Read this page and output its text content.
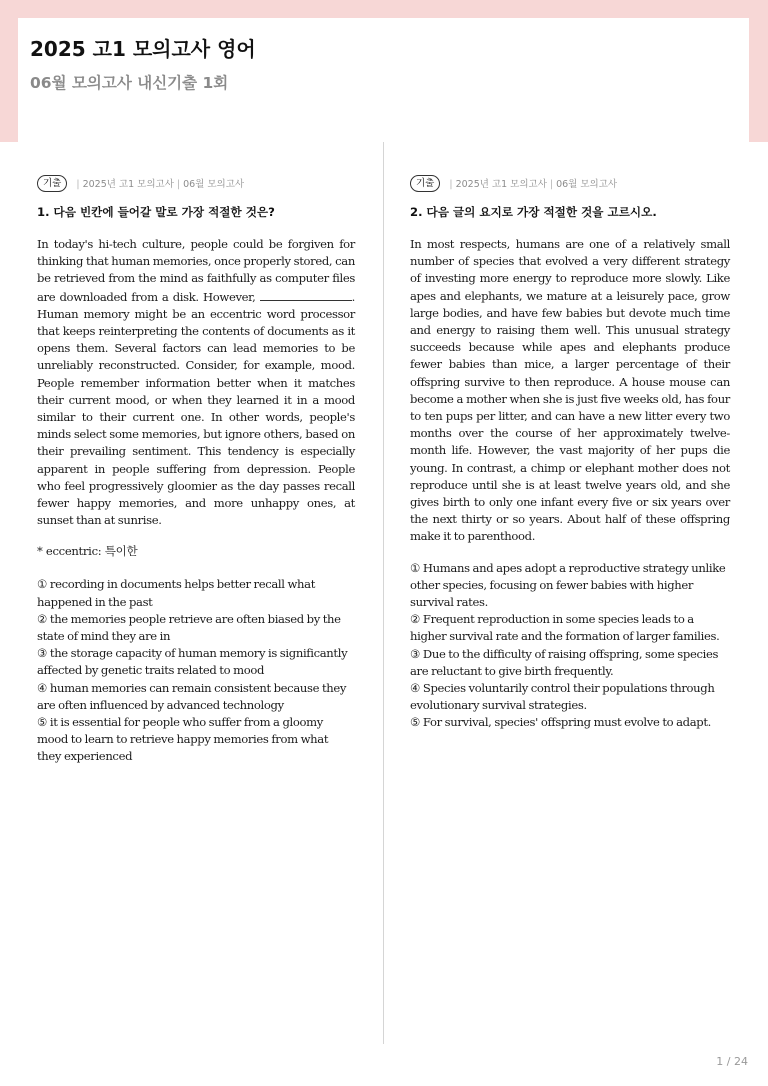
2025 고1 모의고사 영어
06월 모의고사 내신기출 1회
기출	| 2025년 고1 모의고사 | 06월 모의고사

1. 다음 빈칸에 들어갈 말로 가장 적절한 것은?

In today's hi-tech culture, people could be forgiven for thinking that human memories, once properly stored, can be retrieved from the mind as faithfully as computer files are downloaded from a disk. However,	. Human memory might be an eccentric word processor that keeps reinterpreting the contents of documents as it opens them. Several factors can lead memories to be unreliably reconstructed. Consider, for example, mood. People remember information better when it matches their current mood, or when they learned it in a mood similar to their current one. In other words, people's minds select some memories, but ignore others, based on their prevailing sentiment. This tendency is especially apparent in people suffering from depression. People who feel progressively gloomier as the day passes recall fewer happy memories, and more unhappy ones, at sunset than at sunrise.

* eccentric: 특이한

① recording in documents helps better recall what happened in the past
② the memories people retrieve are often biased by the state of mind they are in
③ the storage capacity of human memory is significantly affected by genetic traits related to mood
④ human memories can remain consistent because they are often influenced by advanced technology
⑤ it is essential for people who suffer from a gloomy mood to learn to retrieve happy memories from what they experienced
기출	| 2025년 고1 모의고사 | 06월 모의고사

2. 다음 글의 요지로 가장 적절한 것을 고르시오.

In most respects, humans are one of a relatively small number of species that evolved a very different strategy of investing more energy to reproduce more slowly. Like apes and elephants, we mature at a leisurely pace, grow large bodies, and have few babies but devote much time and energy to raising them well. This unusual strategy succeeds because while apes and elephants produce fewer babies than mice, a larger percentage of their offspring survive to then reproduce. A house mouse can become a mother when she is just five weeks old, has four to ten pups per litter, and can have a new litter every two months over the course of her approximately twelve-month life. However, the vast majority of her pups die young. In contrast, a chimp or elephant mother does not reproduce until she is at least twelve years old, and she gives birth to only one infant every five or six years over the next thirty or so years. About half of these offspring make it to parenthood.

① Humans and apes adopt a reproductive strategy unlike other species, focusing on fewer babies with higher survival rates.
② Frequent reproduction in some species leads to a higher survival rate and the formation of larger families.
③ Due to the difficulty of raising offspring, some species are reluctant to give birth frequently.
④ Species voluntarily control their populations through evolutionary survival strategies.
⑤ For survival, species' offspring must evolve to adapt.
1 / 24
